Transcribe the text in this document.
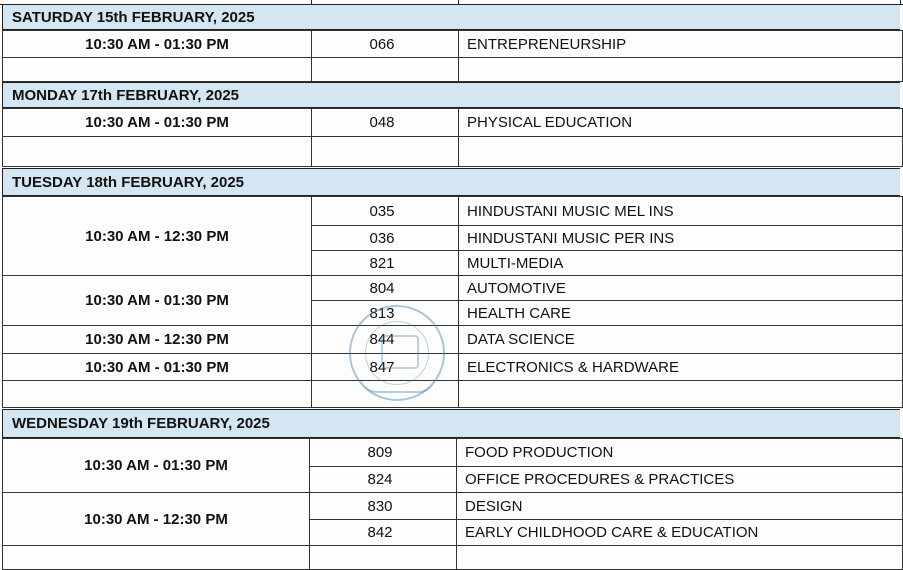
SATURDAY 15th FEBRUARY, 2025
10:30 AM - 01:30 PM	066	ENTREPRENEURSHIP

MONDAY 17th FEBRUARY, 2025
10:30 AM - 01:30 PM	048	PHYSICAL EDUCATION

TUESDAY 18th FEBRUARY, 2025
10:30 AM - 12:30 PM	035	HINDUSTANI MUSIC MEL INS
	036	HINDUSTANI MUSIC PER INS
	821	MULTI-MEDIA
10:30 AM - 01:30 PM	804	AUTOMOTIVE
	813	HEALTH CARE
10:30 AM - 12:30 PM	844	DATA SCIENCE
10:30 AM - 01:30 PM	847	ELECTRONICS & HARDWARE

WEDNESDAY 19th FEBRUARY, 2025
10:30 AM - 01:30 PM	809	FOOD PRODUCTION
	824	OFFICE PROCEDURES & PRACTICES
10:30 AM - 12:30 PM	830	DESIGN
	842	EARLY CHILDHOOD CARE & EDUCATION
